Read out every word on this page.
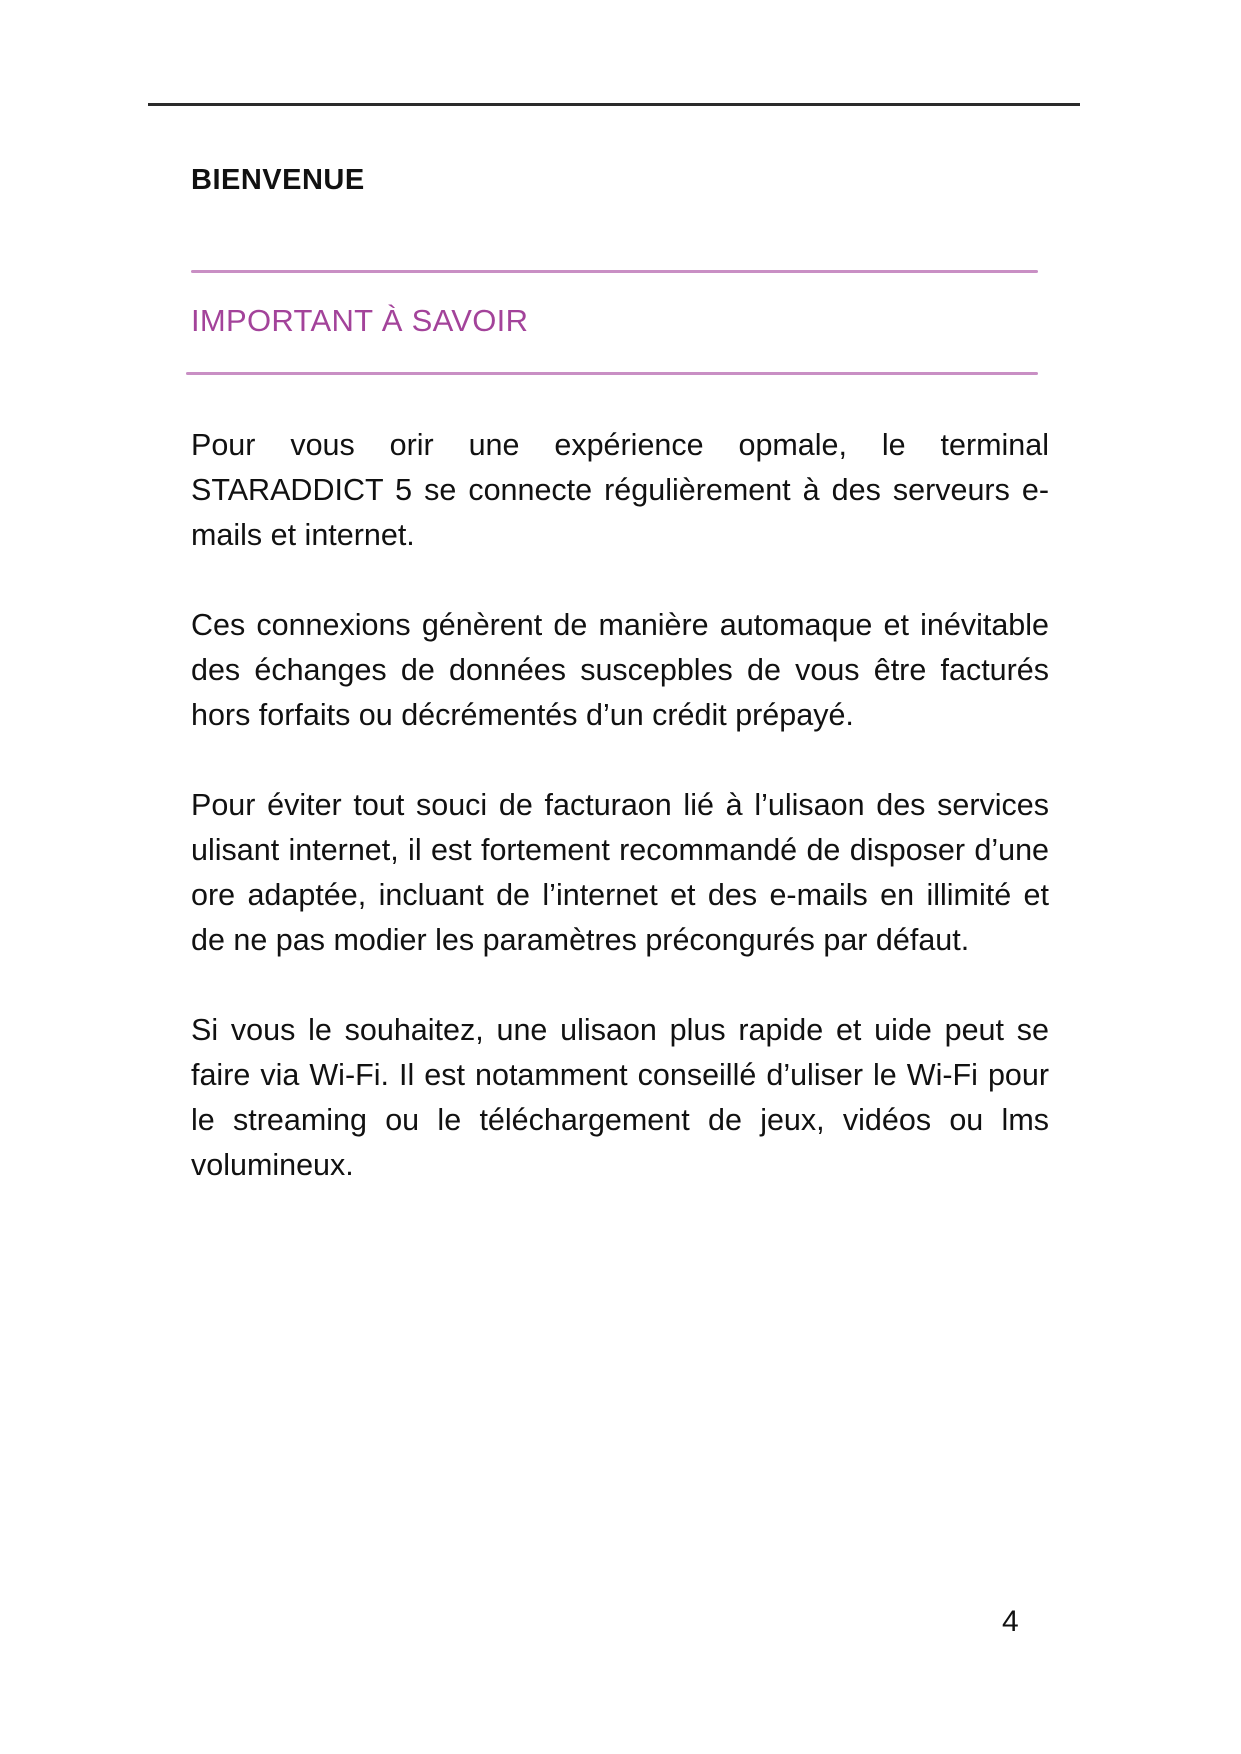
BIENVENUE
IMPORTANT À SAVOIR

Pour vous orir une expérience opmale, le terminal STARADDICT 5 se connecte régulièrement à des serveurs e-mails et internet.

Ces connexions génèrent de manière automaque et inévitable des échanges de données suscepbles de vous être facturés hors forfaits ou décrémentés d’un crédit prépayé.

Pour éviter tout souci de facturaon lié à l’ulisaon des services ulisant internet, il est fortement recommandé de disposer d’une ore adaptée, incluant de l’internet et des e-mails en illimité et de ne pas modier les paramètres précongurés par défaut.

Si vous le souhaitez, une ulisaon plus rapide et uide peut se faire via Wi-Fi. Il est notamment conseillé d’uliser le Wi-Fi pour le streaming ou le téléchargement de jeux, vidéos ou lms volumineux.

4
